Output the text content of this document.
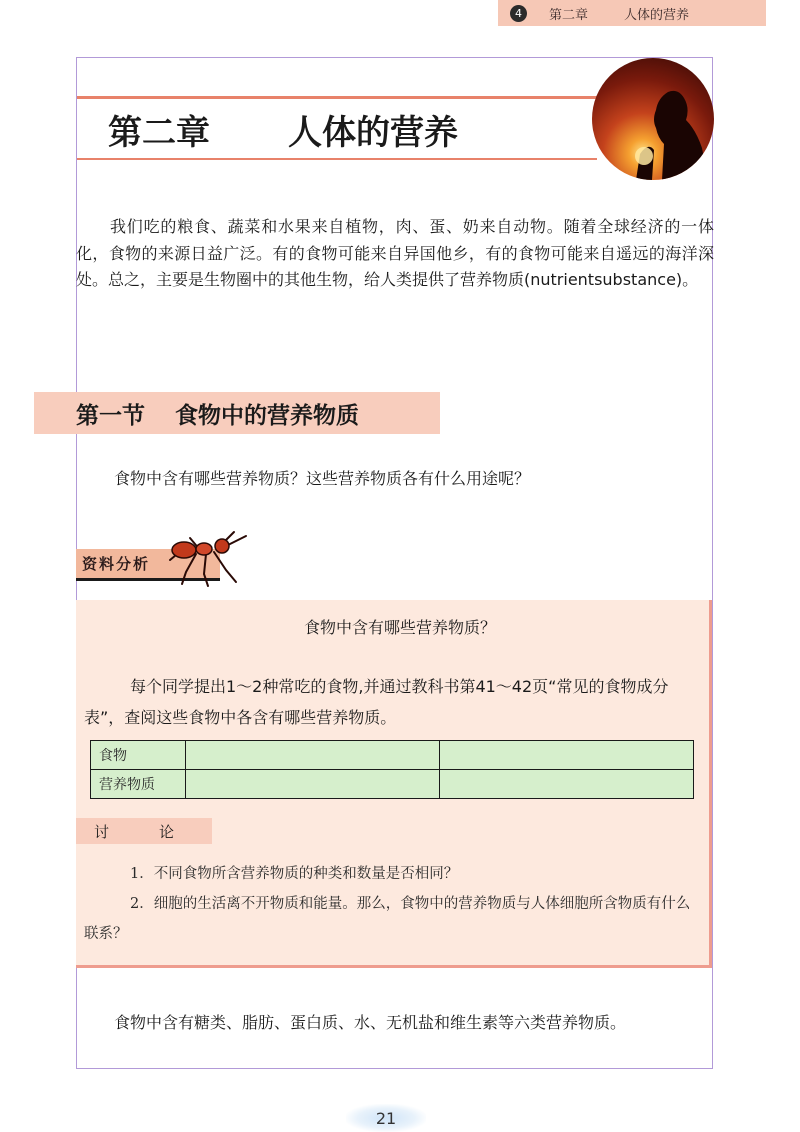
4	第二章	人体的营养
第二章 人体的营养

我们吃的粮食、蔬菜和水果来自植物，肉、蛋、奶来自动物。随着全球经济的一体化，食物的来源日益广泛。有的食物可能来自异国他乡，有的食物可能来自遥远的海洋深处。总之，主要是生物圈中的其他生物，给人类提供了营养物质(nutrientsubstance)。

第一节 食物中的营养物质
食物中含有哪些营养物质？这些营养物质各有什么用途呢？
资料分析
食物中含有哪些营养物质？

每个同学提出1～2种常吃的食物,并通过教科书第41～42页“常见的食物成分表”，查阅这些食物中各含有哪些营养物质。

食物		
营养物质		
讨	论

1．不同食物所含营养物质的种类和数量是否相同？

2．细胞的生活离不开物质和能量。那么，食物中的营养物质与人体细胞所含物质有什么联系？

食物中含有糖类、脂肪、蛋白质、水、无机盐和维生素等六类营养物质。
21
